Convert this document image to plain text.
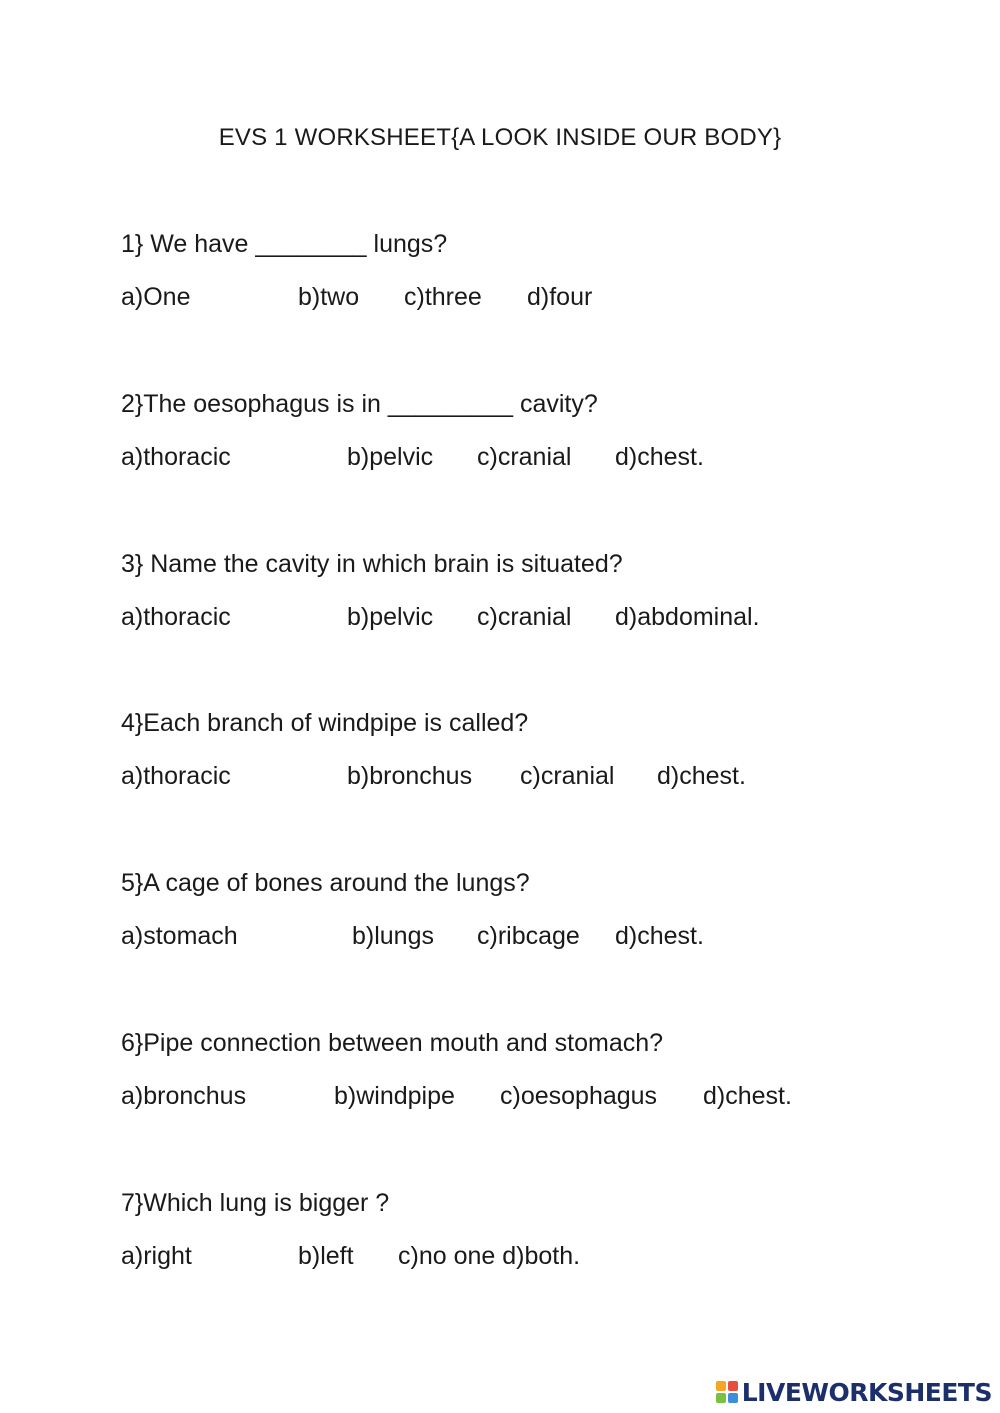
EVS 1 WORKSHEET{A LOOK INSIDE OUR BODY}
1} We have ________ lungs?
a)One	b)two c)three d)four
2}The oesophagus is in _________ cavity?
a)thoracic	b)pelvic c)cranial d)chest.
3} Name the cavity in which brain is situated?
a)thoracic	b)pelvic c)cranial d)abdominal.
4}Each branch of windpipe is called?
a)thoracic	b)bronchus c)cranial d)chest.
5}A cage of bones around the lungs?
a)stomach	b)lungs c)ribcage d)chest.
6}Pipe connection between mouth and stomach?
a)bronchus	b)windpipe c)oesophagus d)chest.
7}Which lung is bigger ?
a)right	b)left c)no one d)both.
LIVEWORKSHEETS
